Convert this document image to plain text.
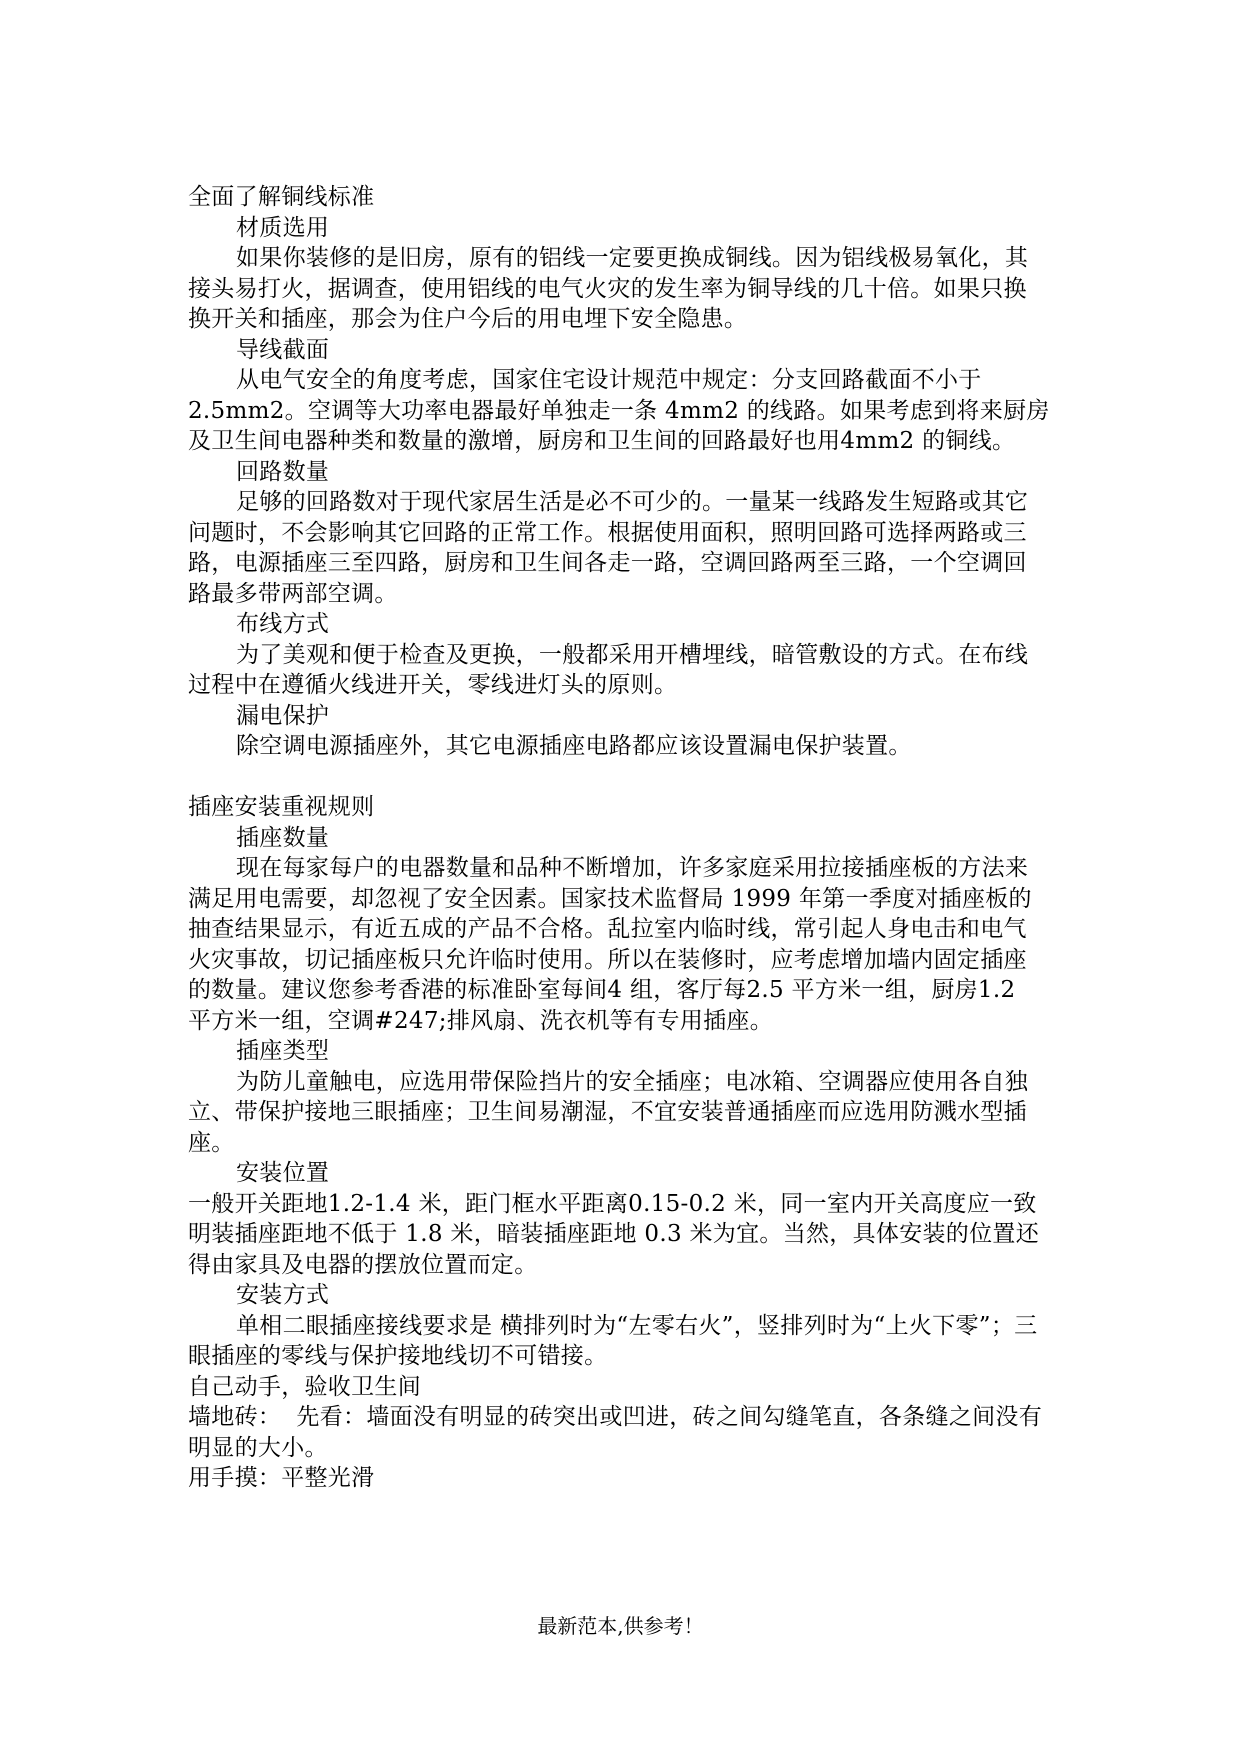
全面了解铜线标准
材质选用
如果你装修的是旧房，原有的铝线一定要更换成铜线。因为铝线极易氧化，其
接头易打火，据调查，使用铝线的电气火灾的发生率为铜导线的几十倍。如果只换
换开关和插座，那会为住户今后的用电埋下安全隐患。
导线截面
从电气安全的角度考虑，国家住宅设计规范中规定：分支回路截面不小于
2.5mm2。空调等大功率电器最好单独走一条 4mm2 的线路。如果考虑到将来厨房
及卫生间电器种类和数量的激增，厨房和卫生间的回路最好也用4mm2 的铜线。
回路数量
足够的回路数对于现代家居生活是必不可少的。一量某一线路发生短路或其它
问题时，不会影响其它回路的正常工作。根据使用面积，照明回路可选择两路或三
路，电源插座三至四路，厨房和卫生间各走一路，空调回路两至三路，一个空调回
路最多带两部空调。
布线方式
为了美观和便于检查及更换，一般都采用开槽埋线，暗管敷设的方式。在布线
过程中在遵循火线进开关，零线进灯头的原则。
漏电保护
除空调电源插座外，其它电源插座电路都应该设置漏电保护装置。
插座安装重视规则
插座数量
现在每家每户的电器数量和品种不断增加，许多家庭采用拉接插座板的方法来
满足用电需要，却忽视了安全因素。国家技术监督局 1999 年第一季度对插座板的
抽查结果显示，有近五成的产品不合格。乱拉室内临时线，常引起人身电击和电气
火灾事故，切记插座板只允许临时使用。所以在装修时，应考虑增加墙内固定插座
的数量。建议您参考香港的标准卧室每间4 组，客厅每2.5 平方米一组，厨房1.2
平方米一组，空调#247;排风扇、洗衣机等有专用插座。
插座类型
为防儿童触电，应选用带保险挡片的安全插座；电冰箱、空调器应使用各自独
立、带保护接地三眼插座；卫生间易潮湿，不宜安装普通插座而应选用防溅水型插
座。
安装位置
一般开关距地1.2-1.4 米，距门框水平距离0.15-0.2 米，同一室内开关高度应一致
明装插座距地不低于 1.8 米，暗装插座距地 0.3 米为宜。当然，具体安装的位置还
得由家具及电器的摆放位置而定。
安装方式
单相二眼插座接线要求是 横排列时为“左零右火”，竖排列时为“上火下零”；三
眼插座的零线与保护接地线切不可错接。
自己动手，验收卫生间
墙地砖：  先看：墙面没有明显的砖突出或凹进，砖之间勾缝笔直，各条缝之间没有
明显的大小。
用手摸：平整光滑
最新范本,供参考！
